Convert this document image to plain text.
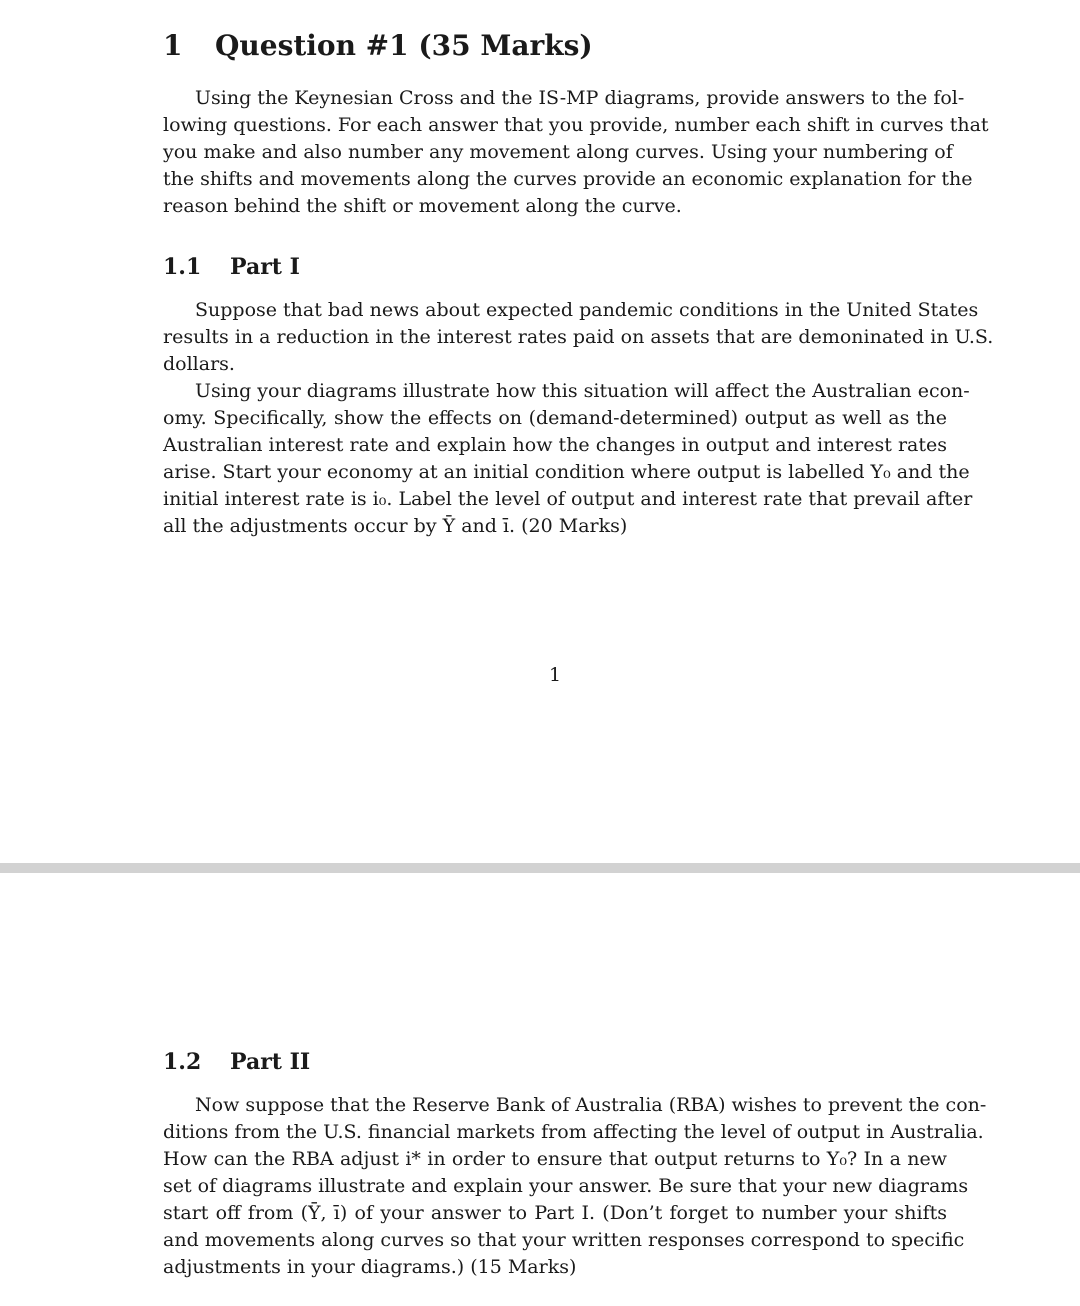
1 Question #1 (35 Marks)
Using the Keynesian Cross and the IS-MP diagrams, provide answers to the fol-
lowing questions. For each answer that you provide, number each shift in curves that
you make and also number any movement along curves. Using your numbering of
the shifts and movements along the curves provide an economic explanation for the
reason behind the shift or movement along the curve.
1.1 Part I
Suppose that bad news about expected pandemic conditions in the United States
results in a reduction in the interest rates paid on assets that are demoninated in U.S.
dollars.
Using your diagrams illustrate how this situation will affect the Australian econ-
omy. Specifically, show the effects on (demand-determined) output as well as the
Australian interest rate and explain how the changes in output and interest rates
arise. Start your economy at an initial condition where output is labelled Y₀ and the
initial interest rate is i₀. Label the level of output and interest rate that prevail after
all the adjustments occur by Ȳ and ī. (20 Marks)
1
1.2 Part II
Now suppose that the Reserve Bank of Australia (RBA) wishes to prevent the con-
ditions from the U.S. financial markets from affecting the level of output in Australia.
How can the RBA adjust i* in order to ensure that output returns to Y₀? In a new
set of diagrams illustrate and explain your answer. Be sure that your new diagrams
start off from (Ȳ, ī) of your answer to Part I. (Don’t forget to number your shifts
and movements along curves so that your written responses correspond to specific
adjustments in your diagrams.) (15 Marks)
